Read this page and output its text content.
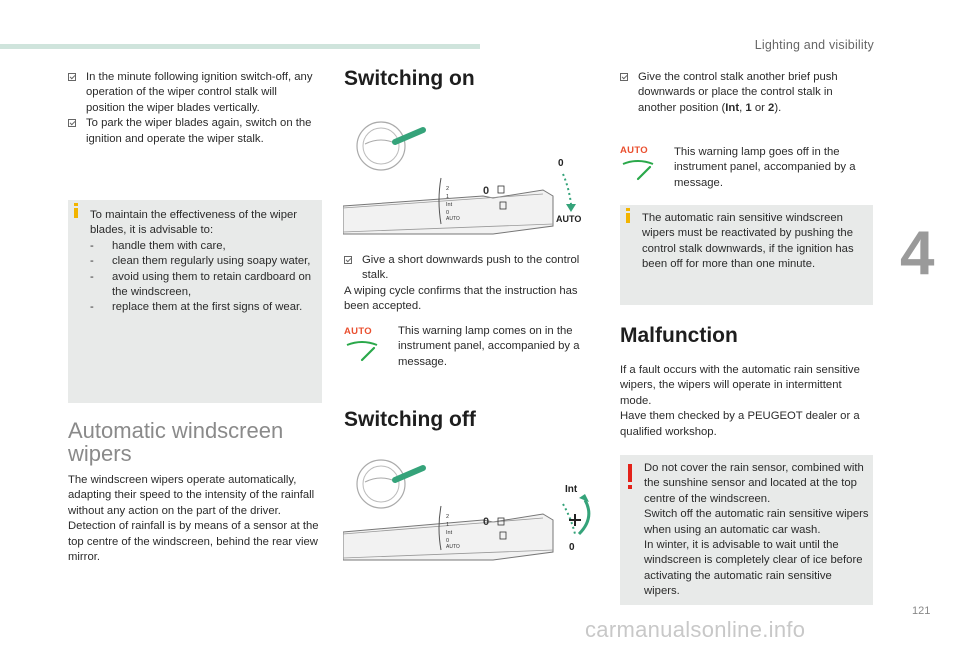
Lighting and visibility
4
121
In the minute following ignition switch-off, any operation of the wiper control stalk will position the wiper blades vertically.
To park the wiper blades again, switch on the ignition and operate the wiper stalk.
To maintain the effectiveness of the wiper blades, it is advisable to:
- handle them with care,
- clean them regularly using soapy water,
- avoid using them to retain cardboard on the windscreen,
- replace them at the first signs of wear.
Automatic windscreen
wipers
The windscreen wipers operate automatically, adapting their speed to the intensity of the rainfall without any action on the part of the driver.
Detection of rainfall is by means of a sensor at the top centre of the windscreen, behind the rear view mirror.
Switching on
2
1
Int
0
AUTO
0
0
AUTO
Give a short downwards push to the control stalk.
A wiping cycle confirms that the instruction has been accepted.
AUTO	This warning lamp comes on in the instrument panel, accompanied by a message.
Switching off
2
1
Int
0
AUTO
0
Int
0
Give the control stalk another brief push downwards or place the control stalk in another position (Int, 1 or 2).
AUTO	This warning lamp goes off in the instrument panel, accompanied by a message.
The automatic rain sensitive windscreen wipers must be reactivated by pushing the control stalk downwards, if the ignition has been off for more than one minute.
Malfunction
If a fault occurs with the automatic rain sensitive wipers, the wipers will operate in intermittent mode.
Have them checked by a PEUGEOT dealer or a qualified workshop.
Do not cover the rain sensor, combined with the sunshine sensor and located at the top centre of the windscreen.
Switch off the automatic rain sensitive wipers when using an automatic car wash.
In winter, it is advisable to wait until the windscreen is completely clear of ice before activating the automatic rain sensitive wipers.
carmanualsonline.info
